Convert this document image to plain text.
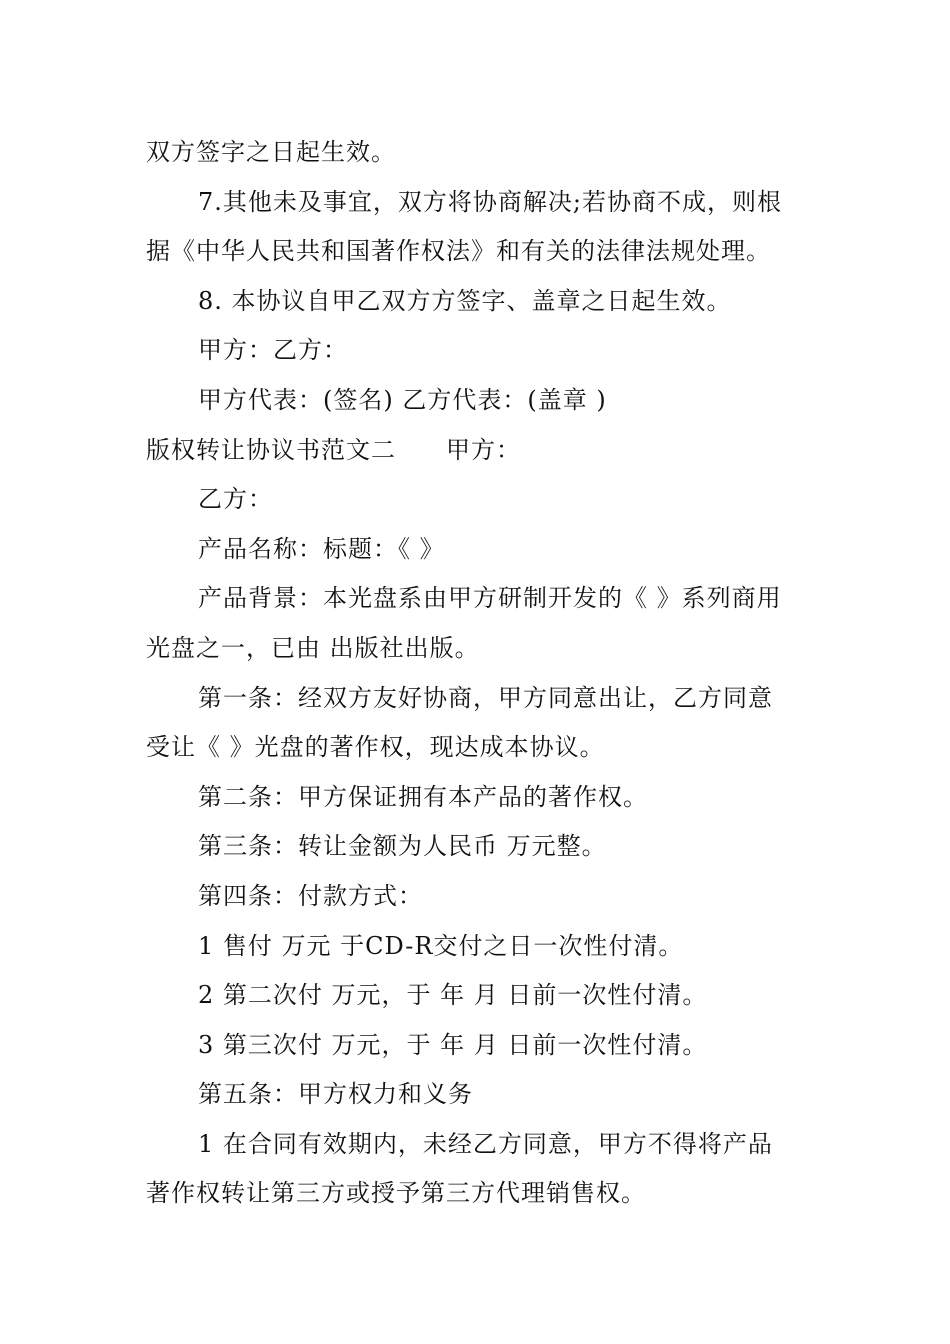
双方签字之日起生效。
7.其他未及事宜，双方将协商解决;若协商不成，则根
据《中华人民共和国著作权法》和有关的法律法规处理。
8. 本协议自甲乙双方方签字、盖章之日起生效。
甲方：乙方：
甲方代表：(签名) 乙方代表：(盖章 )
版权转让协议书范文二　　甲方：
乙方：
产品名称：标题：《 》
产品背景：本光盘系由甲方研制开发的《 》系列商用
光盘之一，已由 出版社出版。
第一条：经双方友好协商，甲方同意出让，乙方同意
受让《 》光盘的著作权，现达成本协议。
第二条：甲方保证拥有本产品的著作权。
第三条：转让金额为人民币 万元整。
第四条：付款方式：
1 售付 万元 于CD-R交付之日一次性付清。
2 第二次付 万元，于 年 月 日前一次性付清。
3 第三次付 万元，于 年 月 日前一次性付清。
第五条：甲方权力和义务
1 在合同有效期内，未经乙方同意，甲方不得将产品
著作权转让第三方或授予第三方代理销售权。
